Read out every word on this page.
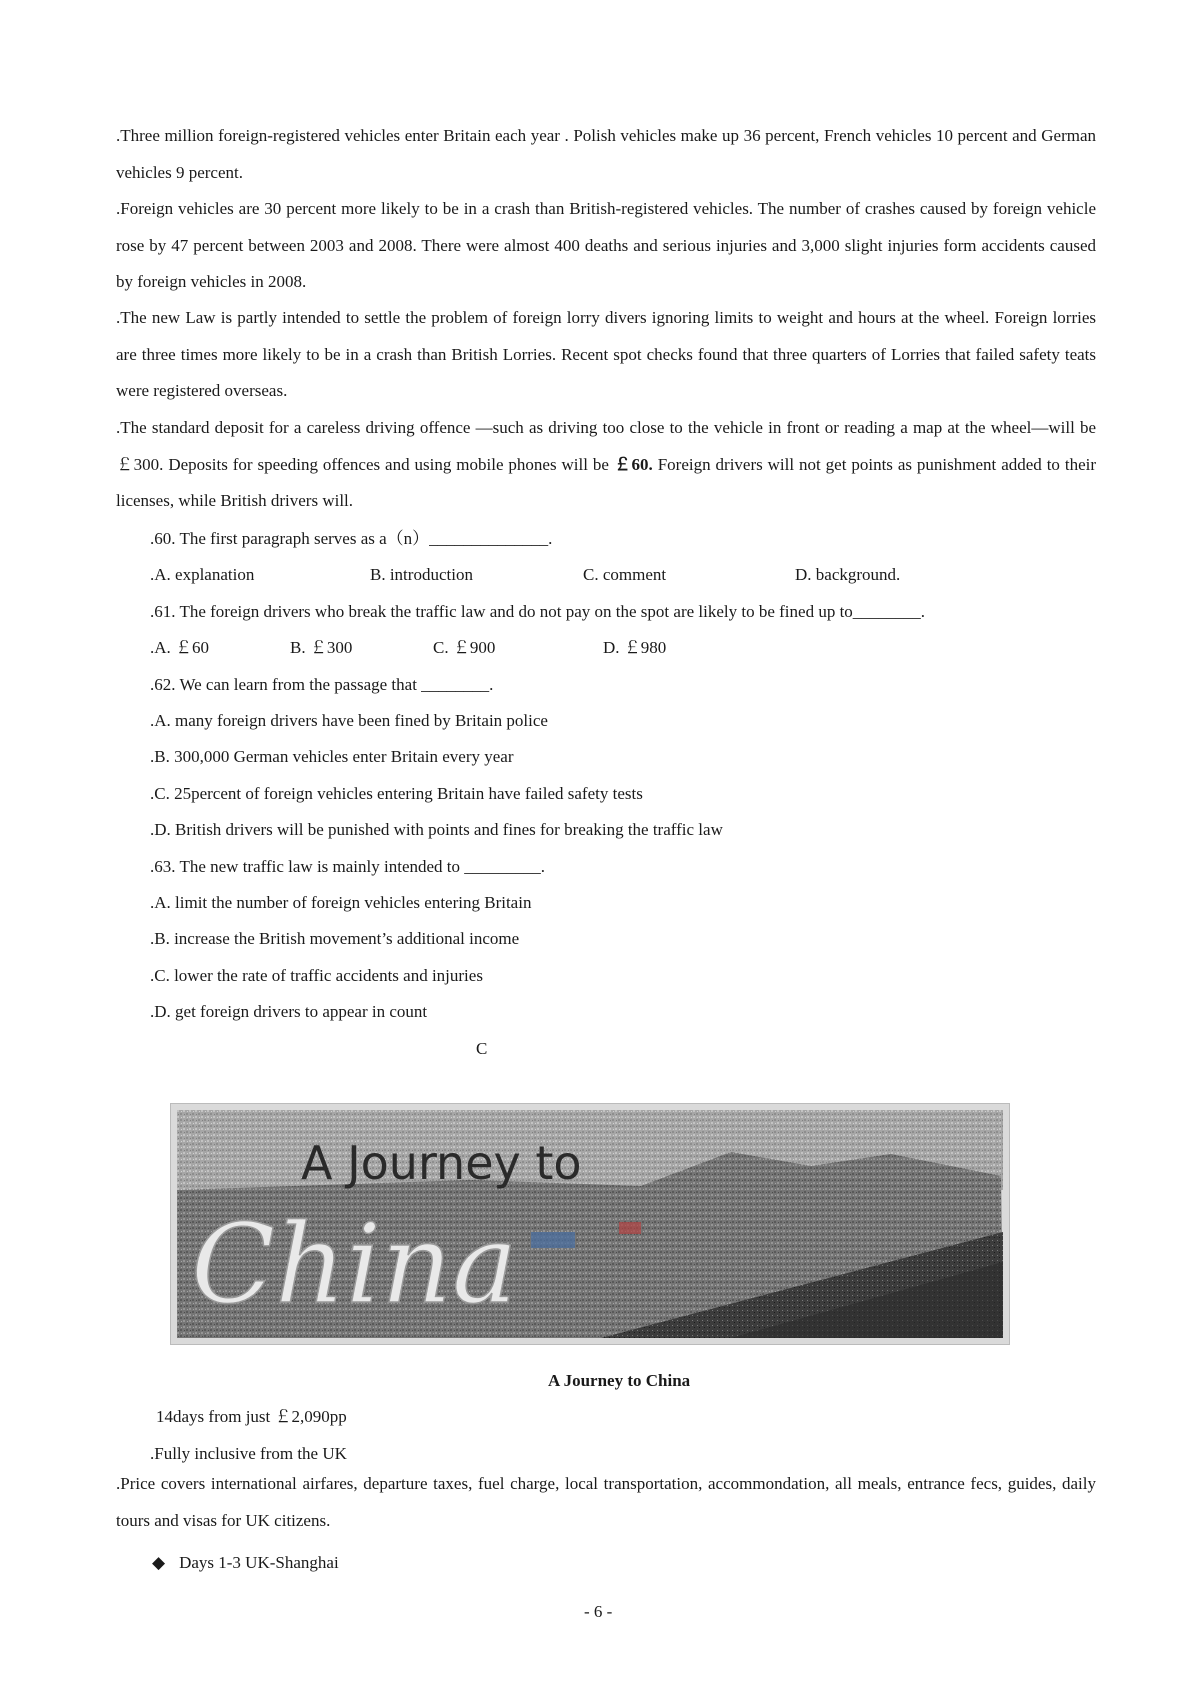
.Three million foreign-registered vehicles enter Britain each year . Polish vehicles make up 36 percent, French vehicles 10 percent and German vehicles 9 percent.

.Foreign vehicles are 30 percent more likely to be in a crash than British-registered vehicles. The number of crashes caused by foreign vehicle rose by 47 percent between 2003 and 2008. There were almost 400 deaths and serious injuries and 3,000 slight injuries form accidents caused by foreign vehicles in 2008.

.The new Law is partly intended to settle the problem of foreign lorry divers ignoring limits to weight and hours at the wheel. Foreign lorries are three times more likely to be in a crash than British Lorries. Recent spot checks found that three quarters of Lorries that failed safety teats were registered overseas.

.The standard deposit for a careless driving offence —such as driving too close to the vehicle in front or reading a map at the wheel—will be ￡300. Deposits for speeding offences and using mobile phones will be ￡60. Foreign drivers will not get points as punishment added to their licenses, while British drivers will.

.60. The first paragraph serves as a（n）______________.
.A. explanation	B. introduction	C. comment	D. background.
.61. The foreign drivers who break the traffic law and do not pay on the spot are likely to be fined up to________.
.A. ￡60	B. ￡300	C. ￡900	D. ￡980
.62. We can learn from the passage that ________.
.A. many foreign drivers have been fined by Britain police
.B. 300,000 German vehicles enter Britain every year
.C. 25percent of foreign vehicles entering Britain have failed safety tests
.D. British drivers will be punished with points and fines for breaking the traffic law
.63. The new traffic law is mainly intended to _________.
.A. limit the number of foreign vehicles entering Britain
.B. increase the British movement’s additional income
.C. lower the rate of traffic accidents and injuries
.D. get foreign drivers to appear in count
C
A Journey to
China
A Journey to China
14days from just ￡2,090pp
.Fully inclusive from the UK

.Price covers international airfares, departure taxes, fuel charge, local transportation, accommondation, all meals, entrance fecs, guides, daily tours and visas for UK citizens.

◆ Days 1-3 UK-Shanghai
- 6 -
